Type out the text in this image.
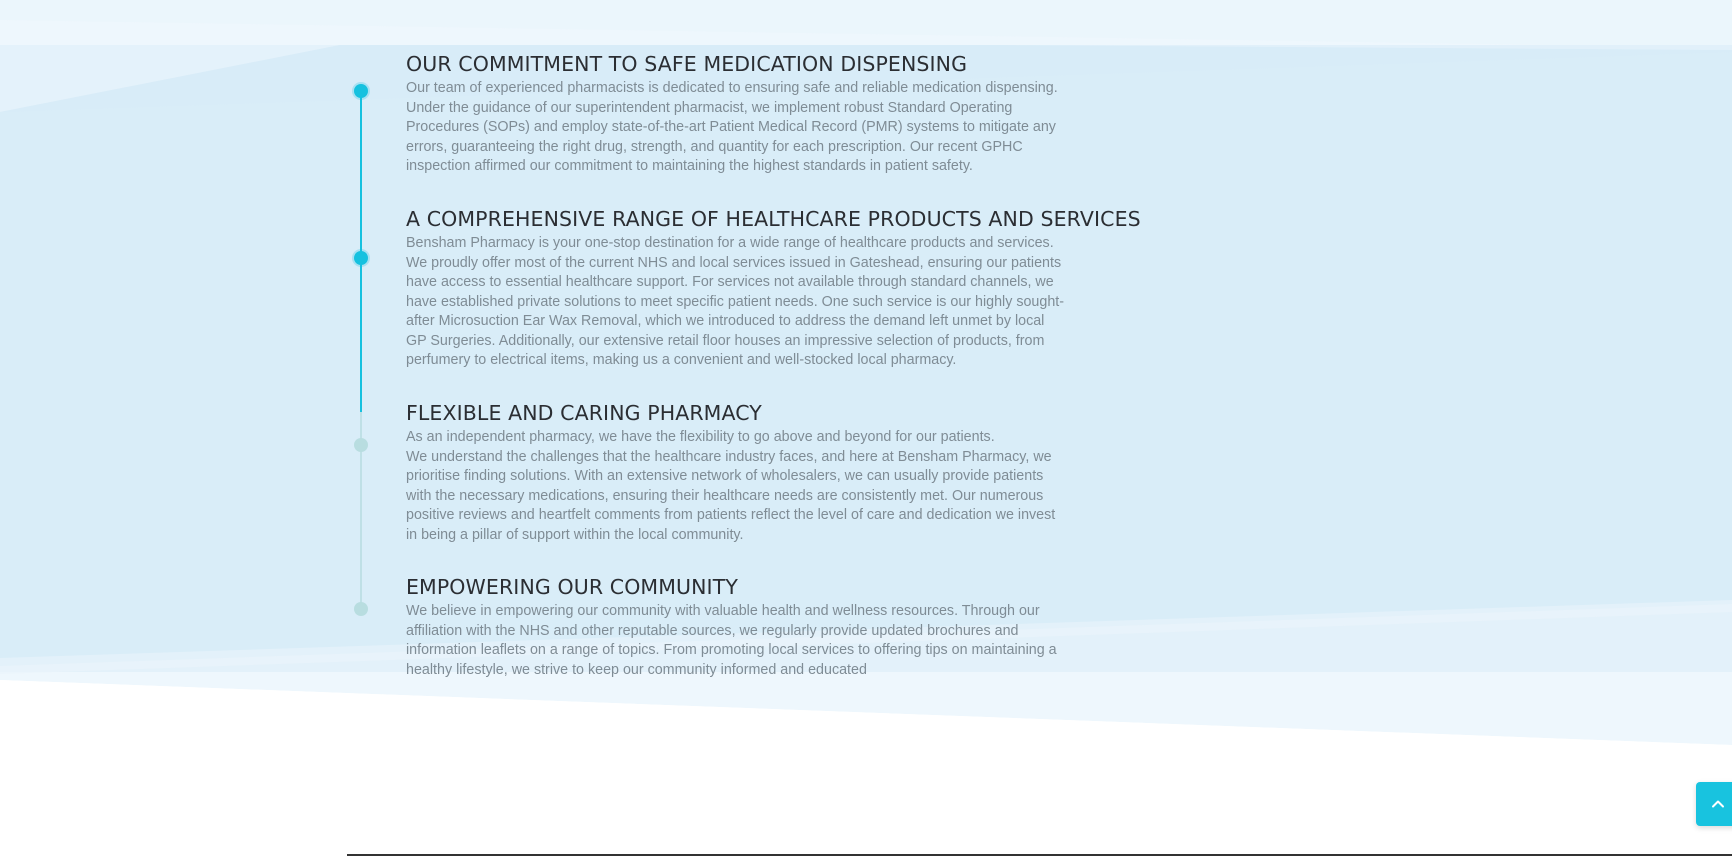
OUR COMMITMENT TO SAFE MEDICATION DISPENSING

Our team of experienced pharmacists is dedicated to ensuring safe and reliable medication dispensing.
Under the guidance of our superintendent pharmacist, we implement robust Standard Operating
Procedures (SOPs) and employ state-of-the-art Patient Medical Record (PMR) systems to mitigate any
errors, guaranteeing the right drug, strength, and quantity for each prescription. Our recent GPHC
inspection affirmed our commitment to maintaining the highest standards in patient safety.

A COMPREHENSIVE RANGE OF HEALTHCARE PRODUCTS AND SERVICES

Bensham Pharmacy is your one-stop destination for a wide range of healthcare products and services.
We proudly offer most of the current NHS and local services issued in Gateshead, ensuring our patients
have access to essential healthcare support. For services not available through standard channels, we
have established private solutions to meet specific patient needs. One such service is our highly sought-
after Microsuction Ear Wax Removal, which we introduced to address the demand left unmet by local
GP Surgeries. Additionally, our extensive retail floor houses an impressive selection of products, from
perfumery to electrical items, making us a convenient and well-stocked local pharmacy.

FLEXIBLE AND CARING PHARMACY

As an independent pharmacy, we have the flexibility to go above and beyond for our patients.
We understand the challenges that the healthcare industry faces, and here at Bensham Pharmacy, we
prioritise finding solutions. With an extensive network of wholesalers, we can usually provide patients
with the necessary medications, ensuring their healthcare needs are consistently met. Our numerous
positive reviews and heartfelt comments from patients reflect the level of care and dedication we invest
in being a pillar of support within the local community.

EMPOWERING OUR COMMUNITY

We believe in empowering our community with valuable health and wellness resources. Through our
affiliation with the NHS and other reputable sources, we regularly provide updated brochures and
information leaflets on a range of topics. From promoting local services to offering tips on maintaining a
healthy lifestyle, we strive to keep our community informed and educated
